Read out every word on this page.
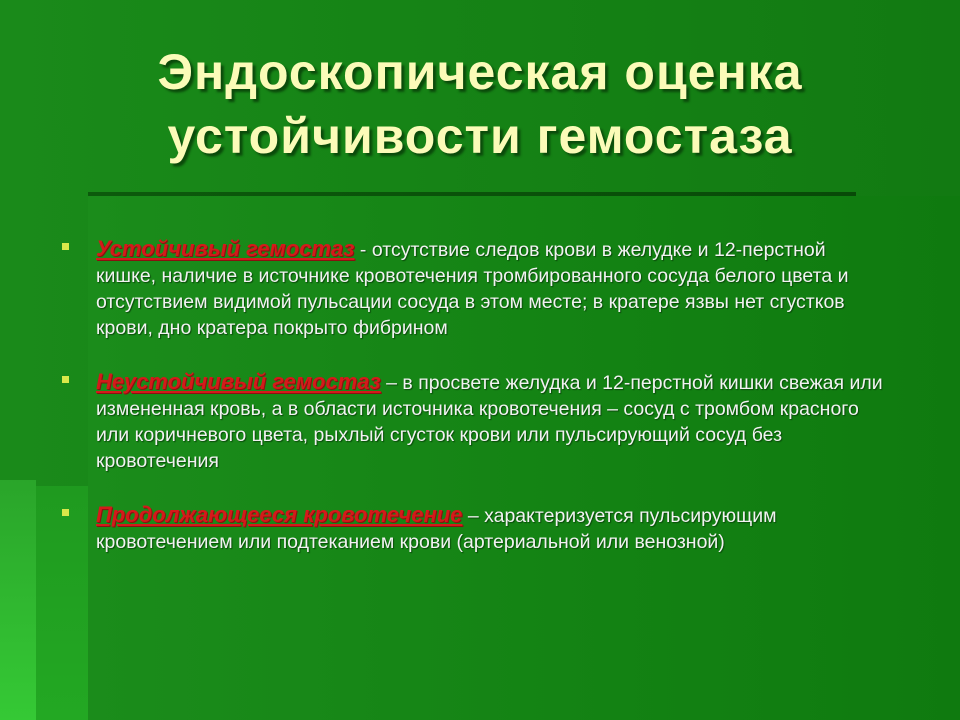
Эндоскопическая оценка
устойчивости гемостаза
Устойчивый гемостаз - отсутствие следов крови в желудке и 12-перстной кишке, наличие в источнике кровотечения тромбированного сосуда белого цвета и отсутствием видимой пульсации сосуда в этом месте; в кратере язвы нет сгустков крови, дно кратера покрыто фибрином
Неустойчивый гемостаз – в просвете желудка и 12-перстной кишки свежая или измененная кровь, а в области источника кровотечения – сосуд с тромбом красного или коричневого цвета, рыхлый сгусток крови или пульсирующий сосуд без кровотечения
Продолжающееся кровотечение – характеризуется пульсирующим кровотечением или подтеканием крови (артериальной или венозной)
